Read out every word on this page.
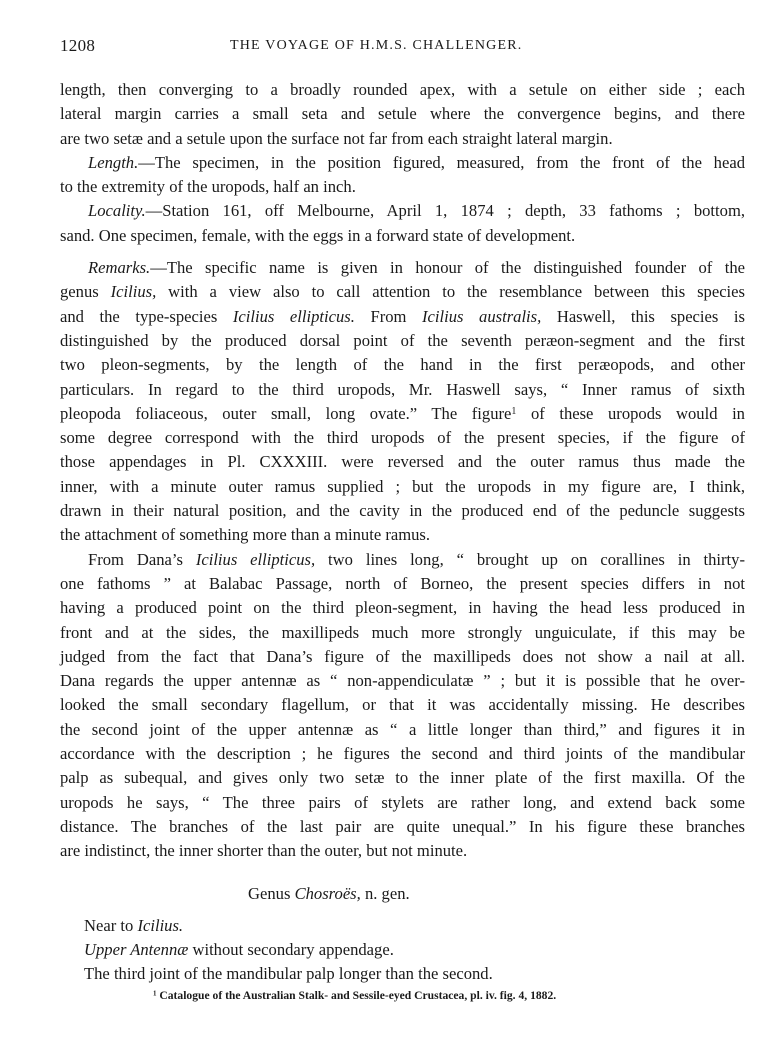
1208	THE VOYAGE OF H.M.S. CHALLENGER.
length, then converging to a broadly rounded apex, with a setule on either side ; each
lateral margin carries a small seta and setule where the convergence begins, and there
are two setæ and a setule upon the surface not far from each straight lateral margin.
Length.—The specimen, in the position figured, measured, from the front of the head
to the extremity of the uropods, half an inch.
Locality.—Station 161, off Melbourne, April 1, 1874 ; depth, 33 fathoms ; bottom,
sand. One specimen, female, with the eggs in a forward state of development.
Remarks.—The specific name is given in honour of the distinguished founder of the
genus Icilius, with a view also to call attention to the resemblance between this species
and the type-species Icilius ellipticus. From Icilius australis, Haswell, this species is
distinguished by the produced dorsal point of the seventh peræon-segment and the first
two pleon-segments, by the length of the hand in the first peræopods, and other
particulars. In regard to the third uropods, Mr. Haswell says, “ Inner ramus of sixth
pleopoda foliaceous, outer small, long ovate.” The figure$^1$ of these uropods would in
some degree correspond with the third uropods of the present species, if the figure of
those appendages in Pl. CXXXIII. were reversed and the outer ramus thus made the
inner, with a minute outer ramus supplied ; but the uropods in my figure are, I think,
drawn in their natural position, and the cavity in the produced end of the peduncle suggests
the attachment of something more than a minute ramus.
From Dana’s Icilius ellipticus, two lines long, “ brought up on corallines in thirty-
one fathoms ” at Balabac Passage, north of Borneo, the present species differs in not
having a produced point on the third pleon-segment, in having the head less produced in
front and at the sides, the maxillipeds much more strongly unguiculate, if this may be
judged from the fact that Dana’s figure of the maxillipeds does not show a nail at all.
Dana regards the upper antennæ as “ non-appendiculatæ ” ; but it is possible that he over-
looked the small secondary flagellum, or that it was accidentally missing. He describes
the second joint of the upper antennæ as “ a little longer than third,” and figures it in
accordance with the description ; he figures the second and third joints of the mandibular
palp as subequal, and gives only two setæ to the inner plate of the first maxilla. Of the
uropods he says, “ The three pairs of stylets are rather long, and extend back some
distance. The branches of the last pair are quite unequal.” In his figure these branches
are indistinct, the inner shorter than the outer, but not minute.
Genus Chosroës, n. gen.
Near to Icilius.
Upper Antennæ without secondary appendage.
The third joint of the mandibular palp longer than the second.
$^1$ Catalogue of the Australian Stalk- and Sessile-eyed Crustacea, pl. iv. fig. 4, 1882.
